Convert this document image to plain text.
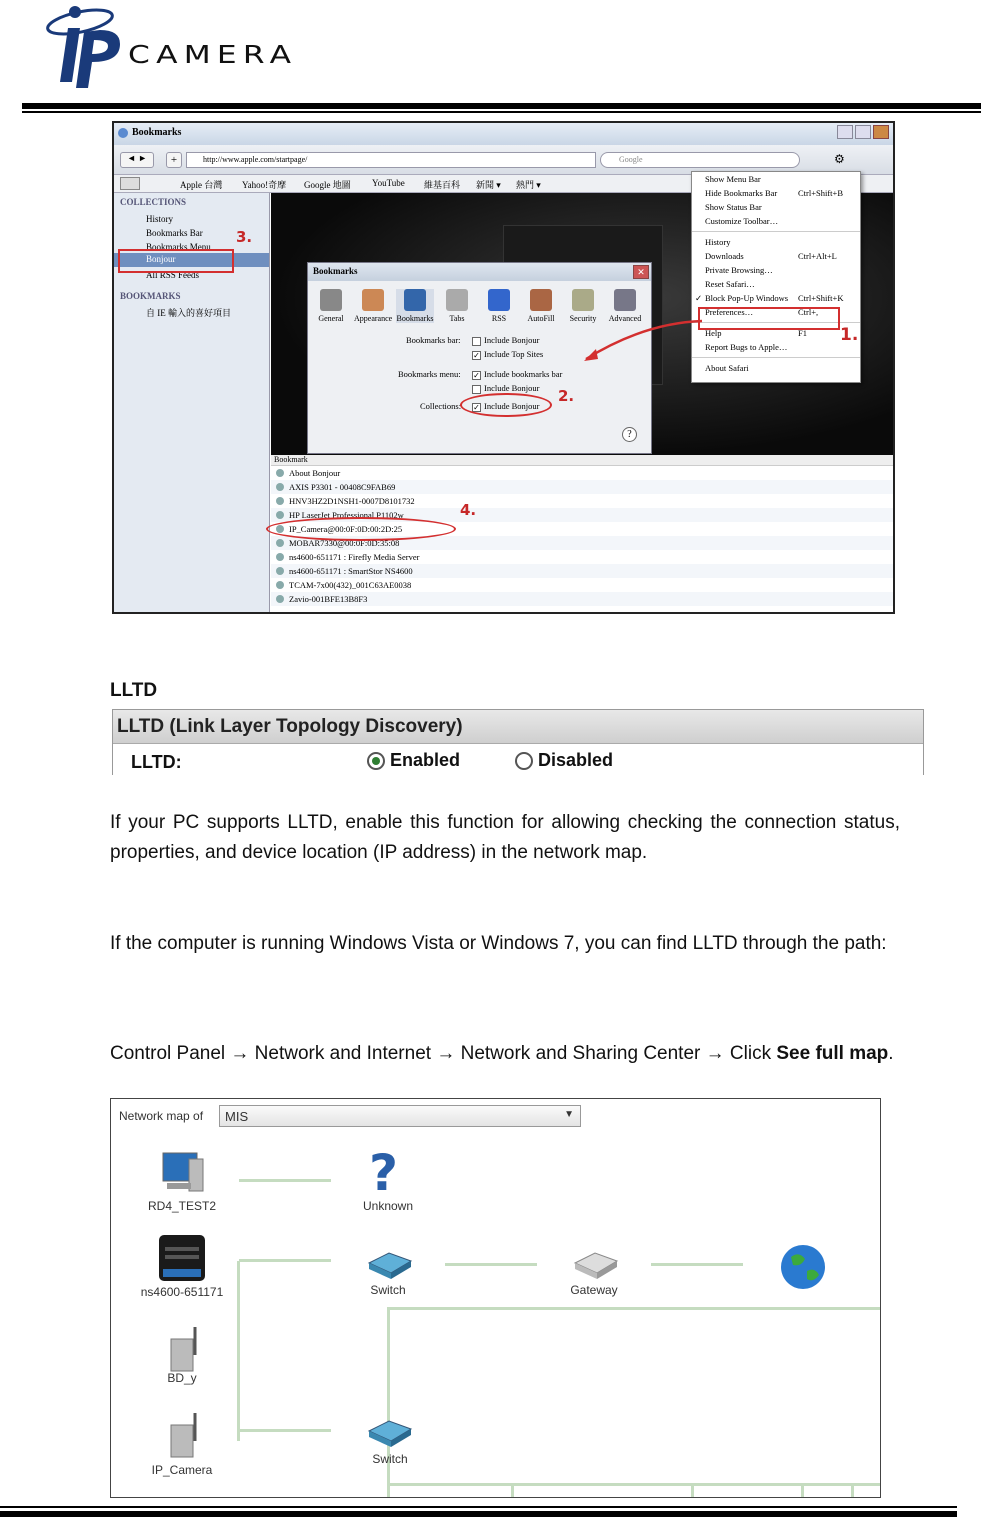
CAMERA
Bookmarks
◄ ►	+	http://www.apple.com/startpage/	Google	⚙
Apple 台灣 Yahoo!奇摩 Google 地圖 YouTube 維基百科 新聞 ▾ 熱門 ▾
COLLECTIONS
History
Bookmarks Bar
Bookmarks Menu
Bonjour
All RSS Feeds
BOOKMARKS
自 IE 輸入的喜好項目
3.
Bookmark
About Bonjour
AXIS P3301 - 00408C9FAB69
HNV3HZ2D1NSH1-0007D8101732
HP LaserJet Professional P1102w
IP_Camera@00:0F:0D:00:2D:25
MOBAR7330@00:0F:0D:35:08
ns4600-651171 : Firefly Media Server
ns4600-651171 : SmartStor NS4600
TCAM-7x00(432)_001C63AE0038
Zavio-001BFE13B8F3
4.
Show Menu Bar
Hide Bookmarks Bar Ctrl+Shift+B
Show Status Bar
Customize Toolbar…
History
Downloads	Ctrl+Alt+L
Private Browsing…
Reset Safari…
✓ Block Pop-Up Windows Ctrl+Shift+K
Preferences…	Ctrl+,
Help	F1
Report Bugs to Apple…
About Safari
1.
Bookmarks	✕
General	Appearance Bookmarks	Tabs	RSS	AutoFill	Security	Advanced
Bookmarks bar:	Include Bonjour
✓ Include Top Sites
Bookmarks menu: ✓ Include bookmarks bar
Include Bonjour
Collections: ✓ Include Bonjour
2.
?
LLTD
LLTD (Link Layer Topology Discovery)
LLTD:	Enabled	Disabled
If your PC supports LLTD, enable this function for allowing checking the connection status, properties, and device location (IP address) in the network map.
If the computer is running Windows Vista or Windows 7, you can find LLTD through the path:
Control Panel → Network and Internet → Network and Sharing Center → Click See full map.
Network map of	MIS	▼
RD4_TEST2
?
Unknown
ns4600-651171	Switch	Gateway
BD_y
IP_Camera
Switch
